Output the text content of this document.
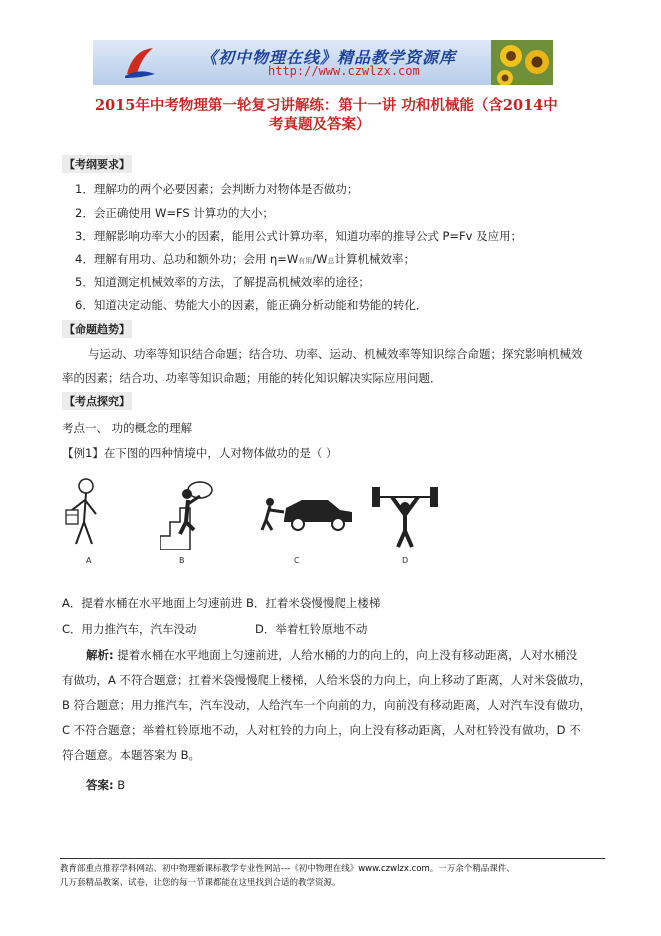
《初中物理在线》精品教学资源库
http://www.czwlzx.com
2015年中考物理第一轮复习讲解练：第十一讲 功和机械能（含2014中
考真题及答案）
【考纲要求】
1．理解功的两个必要因素；会判断力对物体是否做功；
2．会正确使用 W=FS 计算功的大小；
3．理解影响功率大小的因素，能用公式计算功率，知道功率的推导公式 P=Fv 及应用；
4．理解有用功、总功和额外功；会用 η=W有用/W总计算机械效率；
5．知道测定机械效率的方法，了解提高机械效率的途径；
6．知道决定动能、势能大小的因素，能正确分析动能和势能的转化．
【命题趋势】
与运动、功率等知识结合命题；结合功、功率、运动、机械效率等知识综合命题；探究影响机械效
率的因素；结合功、功率等知识命题；用能的转化知识解决实际应用问题．
【考点探究】
考点一、 功的概念的理解
【例1】在下图的四种情境中，人对物体做功的是（ ）
A	B	C	D
A．提着水桶在水平地面上匀速前进 B．扛着米袋慢慢爬上楼梯
C．用力推汽车，汽车没动	D．举着杠铃原地不动
解析: 提着水桶在水平地面上匀速前进，人给水桶的力的向上的，向上没有移动距离，人对水桶没
有做功，A 不符合题意；扛着米袋慢慢爬上楼梯，人给米袋的力向上，向上移动了距离，人对米袋做功，
B 符合题意；用力推汽车，汽车没动，人给汽车一个向前的力，向前没有移动距离，人对汽车没有做功，
C 不符合题意；举着杠铃原地不动，人对杠铃的力向上，向上没有移动距离，人对杠铃没有做功，D 不
符合题意。本题答案为 B。
答案: B
教育部重点推荐学科网站、初中物理新课标教学专业性网站---《初中物理在线》www.czwlzx.com。一万余个精品课件、
几万套精品教案、试卷，让您的每一节课都能在这里找到合适的教学资源。
